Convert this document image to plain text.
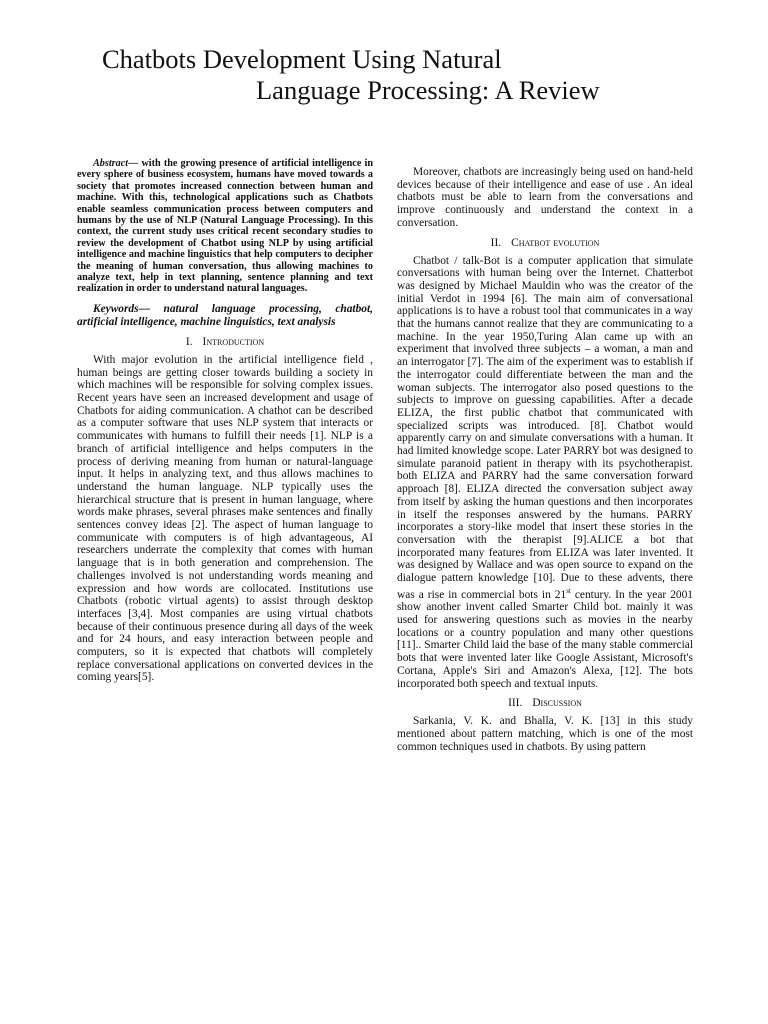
Chatbots Development Using Natural
Language Processing: A Review

Abstract— with the growing presence of artificial intelligence in every sphere of business ecosystem, humans have moved towards a society that promotes increased connection between human and machine. With this, technological applications such as Chatbots enable seamless communication process between computers and humans by the use of NLP (Natural Language Processing). In this context, the current study uses critical recent secondary studies to review the development of Chatbot using NLP by using artificial intelligence and machine linguistics that help computers to decipher the meaning of human conversation, thus allowing machines to analyze text, help in text planning, sentence planning and text realization in order to understand natural languages.

Keywords— natural language processing, chatbot, artificial intelligence, machine linguistics, text analysis

I. Introduction

With major evolution in the artificial intelligence field , human beings are getting closer towards building a society in which machines will be responsible for solving complex issues. Recent years have seen an increased development and usage of Chatbots for aiding communication. A chathot can be described as a computer software that uses NLP system that interacts or communicates with humans to fulfill their needs [1]. NLP is a branch of artificial intelligence and helps computers in the process of deriving meaning from human or natural-language input. It helps in analyzing text, and thus allows machines to understand the human language. NLP typically uses the hierarchical structure that is present in human language, where words make phrases, several phrases make sentences and finally sentences convey ideas [2]. The aspect of human language to communicate with computers is of high advantageous, AI researchers underrate the complexity that comes with human language that is in both generation and comprehension. The challenges involved is not understanding words meaning and expression and how words are collocated. Institutions use Chatbots (robotic virtual agents) to assist through desktop interfaces [3,4]. Most companies are using virtual chatbots because of their continuous presence during all days of the week and for 24 hours, and easy interaction between people and computers, so it is expected that chatbots will completely replace conversational applications on converted devices in the coming years[5].

Moreover, chatbots are increasingly being used on hand-held devices because of their intelligence and ease of use . An ideal chatbots must be able to learn from the conversations and improve continuously and understand the context in a conversation.

II. Chatbot evolution

Chatbot / talk-Bot is a computer application that simulate conversations with human being over the Internet. Chatterbot was designed by Michael Mauldin who was the creator of the initial Verdot in 1994 [6]. The main aim of conversational applications is to have a robust tool that communicates in a way that the humans cannot realize that they are communicating to a machine. In the year 1950,Turing Alan came up with an experiment that involved three subjects – a woman, a man and an interrogator [7]. The aim of the experiment was to establish if the interrogator could differentiate between the man and the woman subjects. The interrogator also posed questions to the subjects to improve on guessing capabilities. After a decade ELIZA, the first public chatbot that communicated with specialized scripts was introduced. [8]. Chatbot would apparently carry on and simulate conversations with a human. It had limited knowledge scope. Later PARRY bot was designed to simulate paranoid patient in therapy with its psychotherapist. both ELIZA and PARRY had the same conversation forward approach [8]. ELIZA directed the conversation subject away from itself by asking the human questions and then incorporates in itself the responses answered by the humans. PARRY incorporates a story-like model that insert these stories in the conversation with the therapist [9].ALICE a bot that incorporated many features from ELIZA was later invented. It was designed by Wallace and was open source to expand on the dialogue pattern knowledge [10]. Due to these advents, there was a rise in commercial bots in 21st century. In the year 2001 show another invent called Smarter Child bot. mainly it was used for answering questions such as movies in the nearby locations or a country population and many other questions [11].. Smarter Child laid the base of the many stable commercial bots that were invented later like Google Assistant, Microsoft's Cortana, Apple's Siri and Amazon's Alexa, [12]. The bots incorporated both speech and textual inputs.

III. Discussion

Sarkania, V. K. and Bhalla, V. K. [13] in this study mentioned about pattern matching, which is one of the most common techniques used in chatbots. By using pattern
